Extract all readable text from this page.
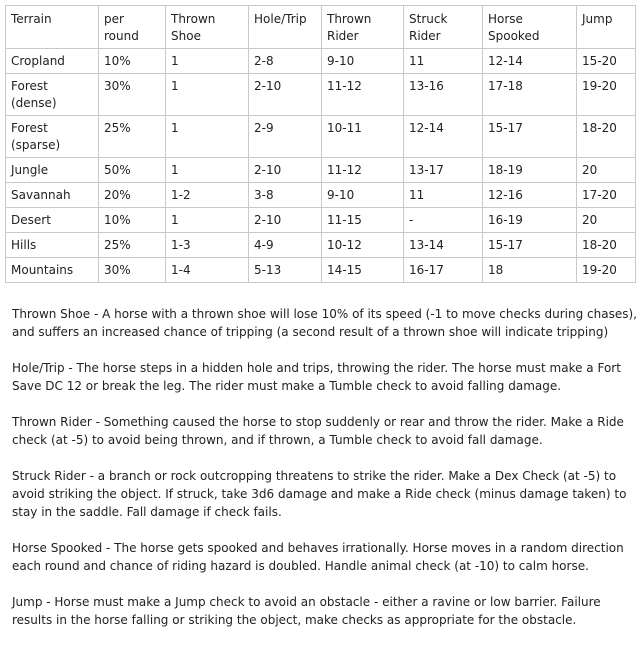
Terrain	per round	Thrown Shoe	Hole/Trip	Thrown Rider	Struck Rider	Horse Spooked	Jump
Cropland	10%	1	2-8	9-10	11	12-14	15-20
Forest (dense)	30%	1	2-10	11-12	13-16	17-18	19-20
Forest (sparse)	25%	1	2-9	10-11	12-14	15-17	18-20
Jungle	50%	1	2-10	11-12	13-17	18-19	20
Savannah	20%	1-2	3-8	9-10	11	12-16	17-20
Desert	10%	1	2-10	11-15	-	16-19	20
Hills	25%	1-3	4-9	10-12	13-14	15-17	18-20
Mountains	30%	1-4	5-13	14-15	16-17	18	19-20

Thrown Shoe - A horse with a thrown shoe will lose 10% of its speed (-1 to move checks during chases), and suffers an increased chance of tripping (a second result of a thrown shoe will indicate tripping)

Hole/Trip - The horse steps in a hidden hole and trips, throwing the rider. The horse must make a Fort Save DC 12 or break the leg. The rider must make a Tumble check to avoid falling damage.

Thrown Rider - Something caused the horse to stop suddenly or rear and throw the rider. Make a Ride check (at -5) to avoid being thrown, and if thrown, a Tumble check to avoid fall damage.

Struck Rider - a branch or rock outcropping threatens to strike the rider. Make a Dex Check (at -5) to avoid striking the object. If struck, take 3d6 damage and make a Ride check (minus damage taken) to stay in the saddle. Fall damage if check fails.

Horse Spooked - The horse gets spooked and behaves irrationally. Horse moves in a random direction each round and chance of riding hazard is doubled. Handle animal check (at -10) to calm horse.

Jump - Horse must make a Jump check to avoid an obstacle - either a ravine or low barrier. Failure results in the horse falling or striking the object, make checks as appropriate for the obstacle.
